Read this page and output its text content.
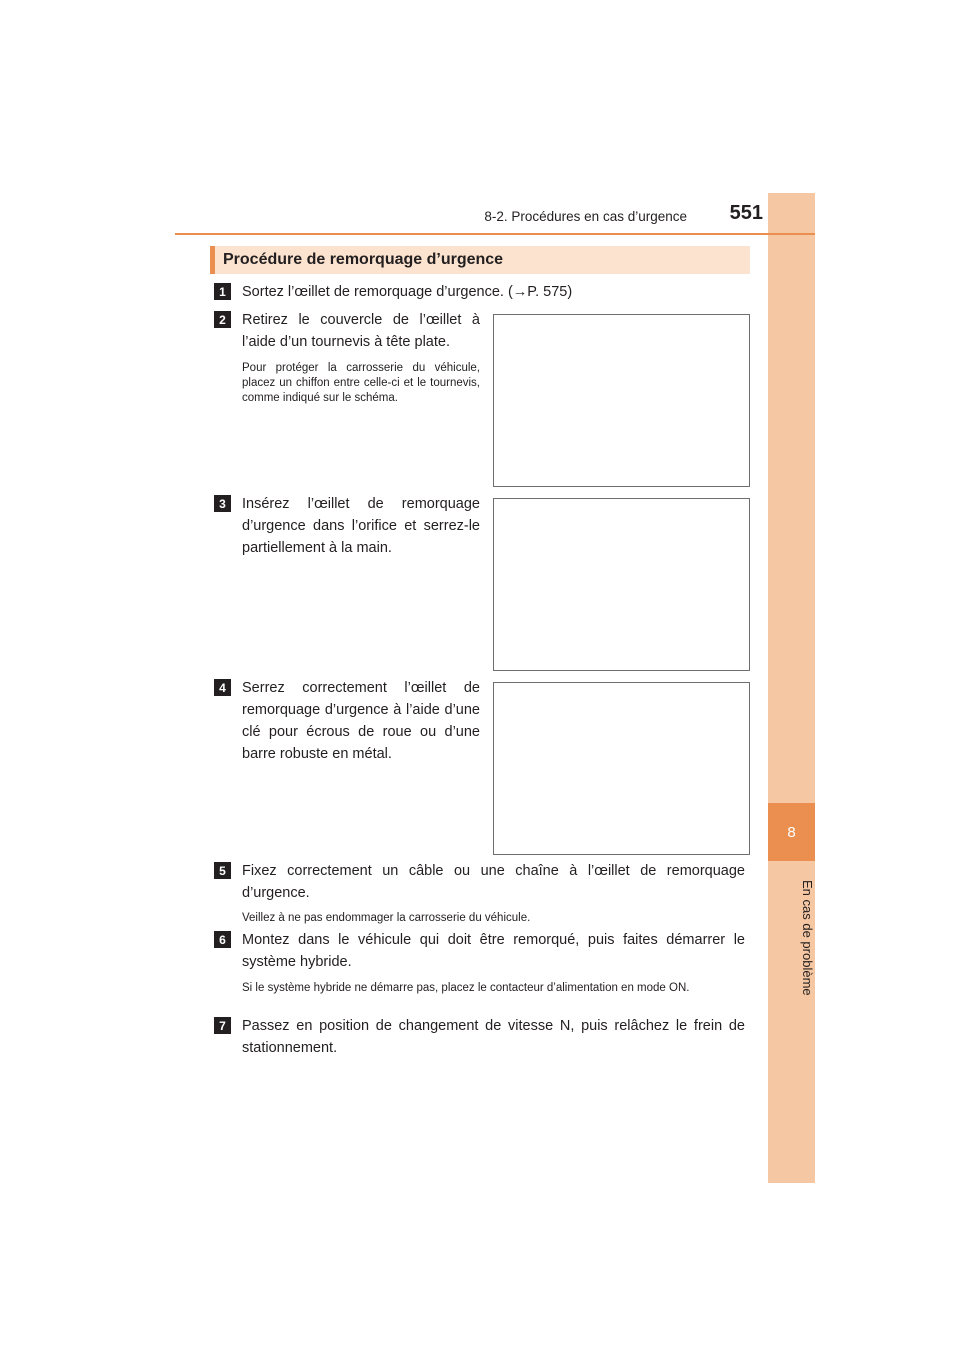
8
En cas de problème
8-2. Procédures en cas d’urgence	551
Procédure de remorquage d’urgence
1	Sortez l’œillet de remorquage d’urgence. (→P. 575)
2	Retirez le couvercle de l’œillet à l’aide d’un tournevis à tête plate.
Pour protéger la carrosserie du véhicule, placez un chiffon entre celle-ci et le tournevis, comme indiqué sur le schéma.
3	Insérez l’œillet de remorquage d’urgence dans l’orifice et serrez-le partiellement à la main.
4	Serrez correctement l’œillet de remorquage d’urgence à l’aide d’une clé pour écrous de roue ou d’une barre robuste en métal.
5	Fixez correctement un câble ou une chaîne à l’œillet de remorquage d’urgence.
Veillez à ne pas endommager la carrosserie du véhicule.
6	Montez dans le véhicule qui doit être remorqué, puis faites démarrer le système hybride.
Si le système hybride ne démarre pas, placez le contacteur d’alimentation en mode ON.
7	Passez en position de changement de vitesse N, puis relâchez le frein de stationnement.
